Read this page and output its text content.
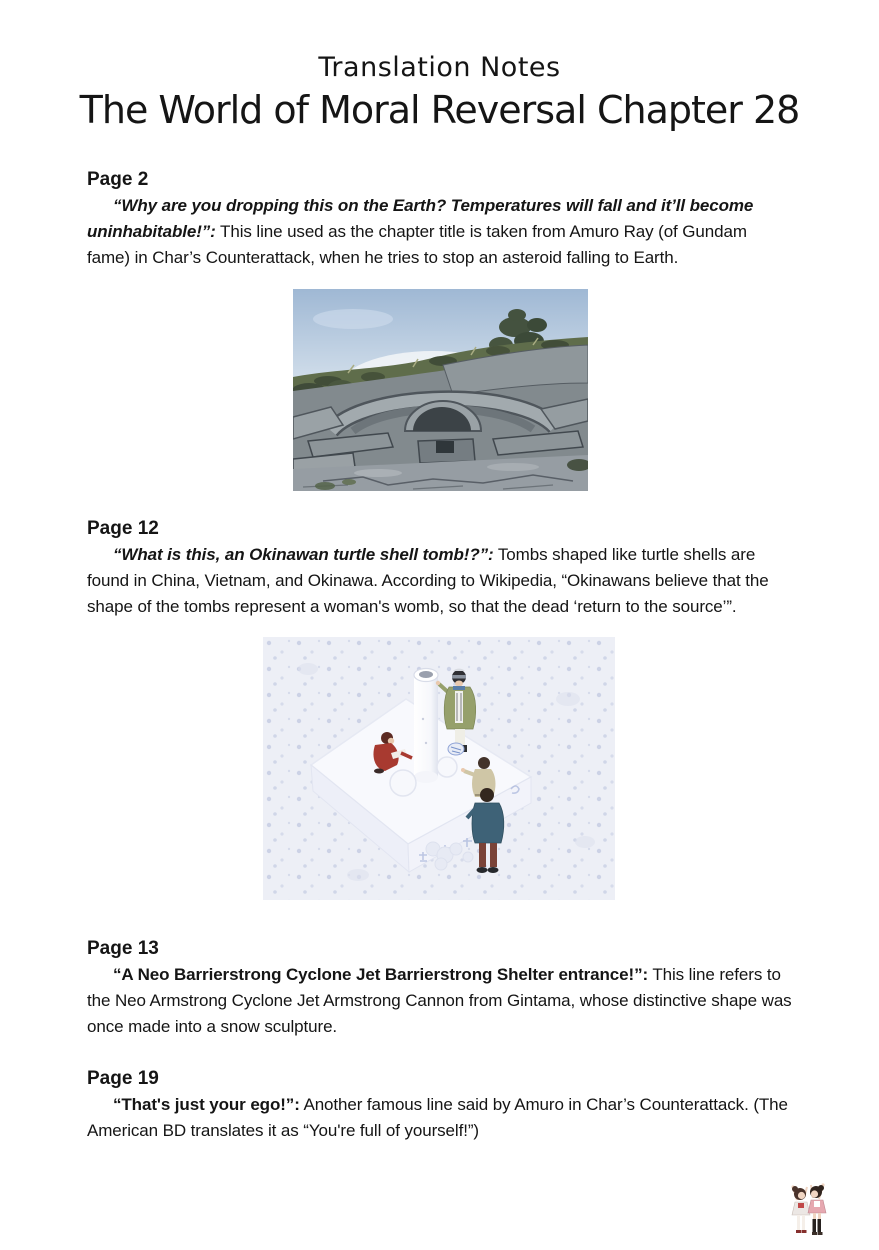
Translation Notes
The World of Moral Reversal Chapter 28

Page 2

“Why are you dropping this on the Earth? Temperatures will fall and it’ll become uninhabitable!”: This line used as the chapter title is taken from Amuro Ray (of Gundam fame) in Char’s Counterattack, when he tries to stop an asteroid falling to Earth.

Page 12

“What is this, an Okinawan turtle shell tomb!?”: Tombs shaped like turtle shells are found in China, Vietnam, and Okinawa. According to Wikipedia, “Okinawans believe that the shape of the tombs represent a woman's womb, so that the dead ‘return to the source’”.

Page 13

“A Neo Barrierstrong Cyclone Jet Barrierstrong Shelter entrance!”: This line refers to the Neo Armstrong Cyclone Jet Armstrong Cannon from Gintama, whose distinctive shape was once made into a snow sculpture.

Page 19

“That's just your ego!”: Another famous line said by Amuro in Char’s Counterattack. (The American BD translates it as “You're full of yourself!”)
